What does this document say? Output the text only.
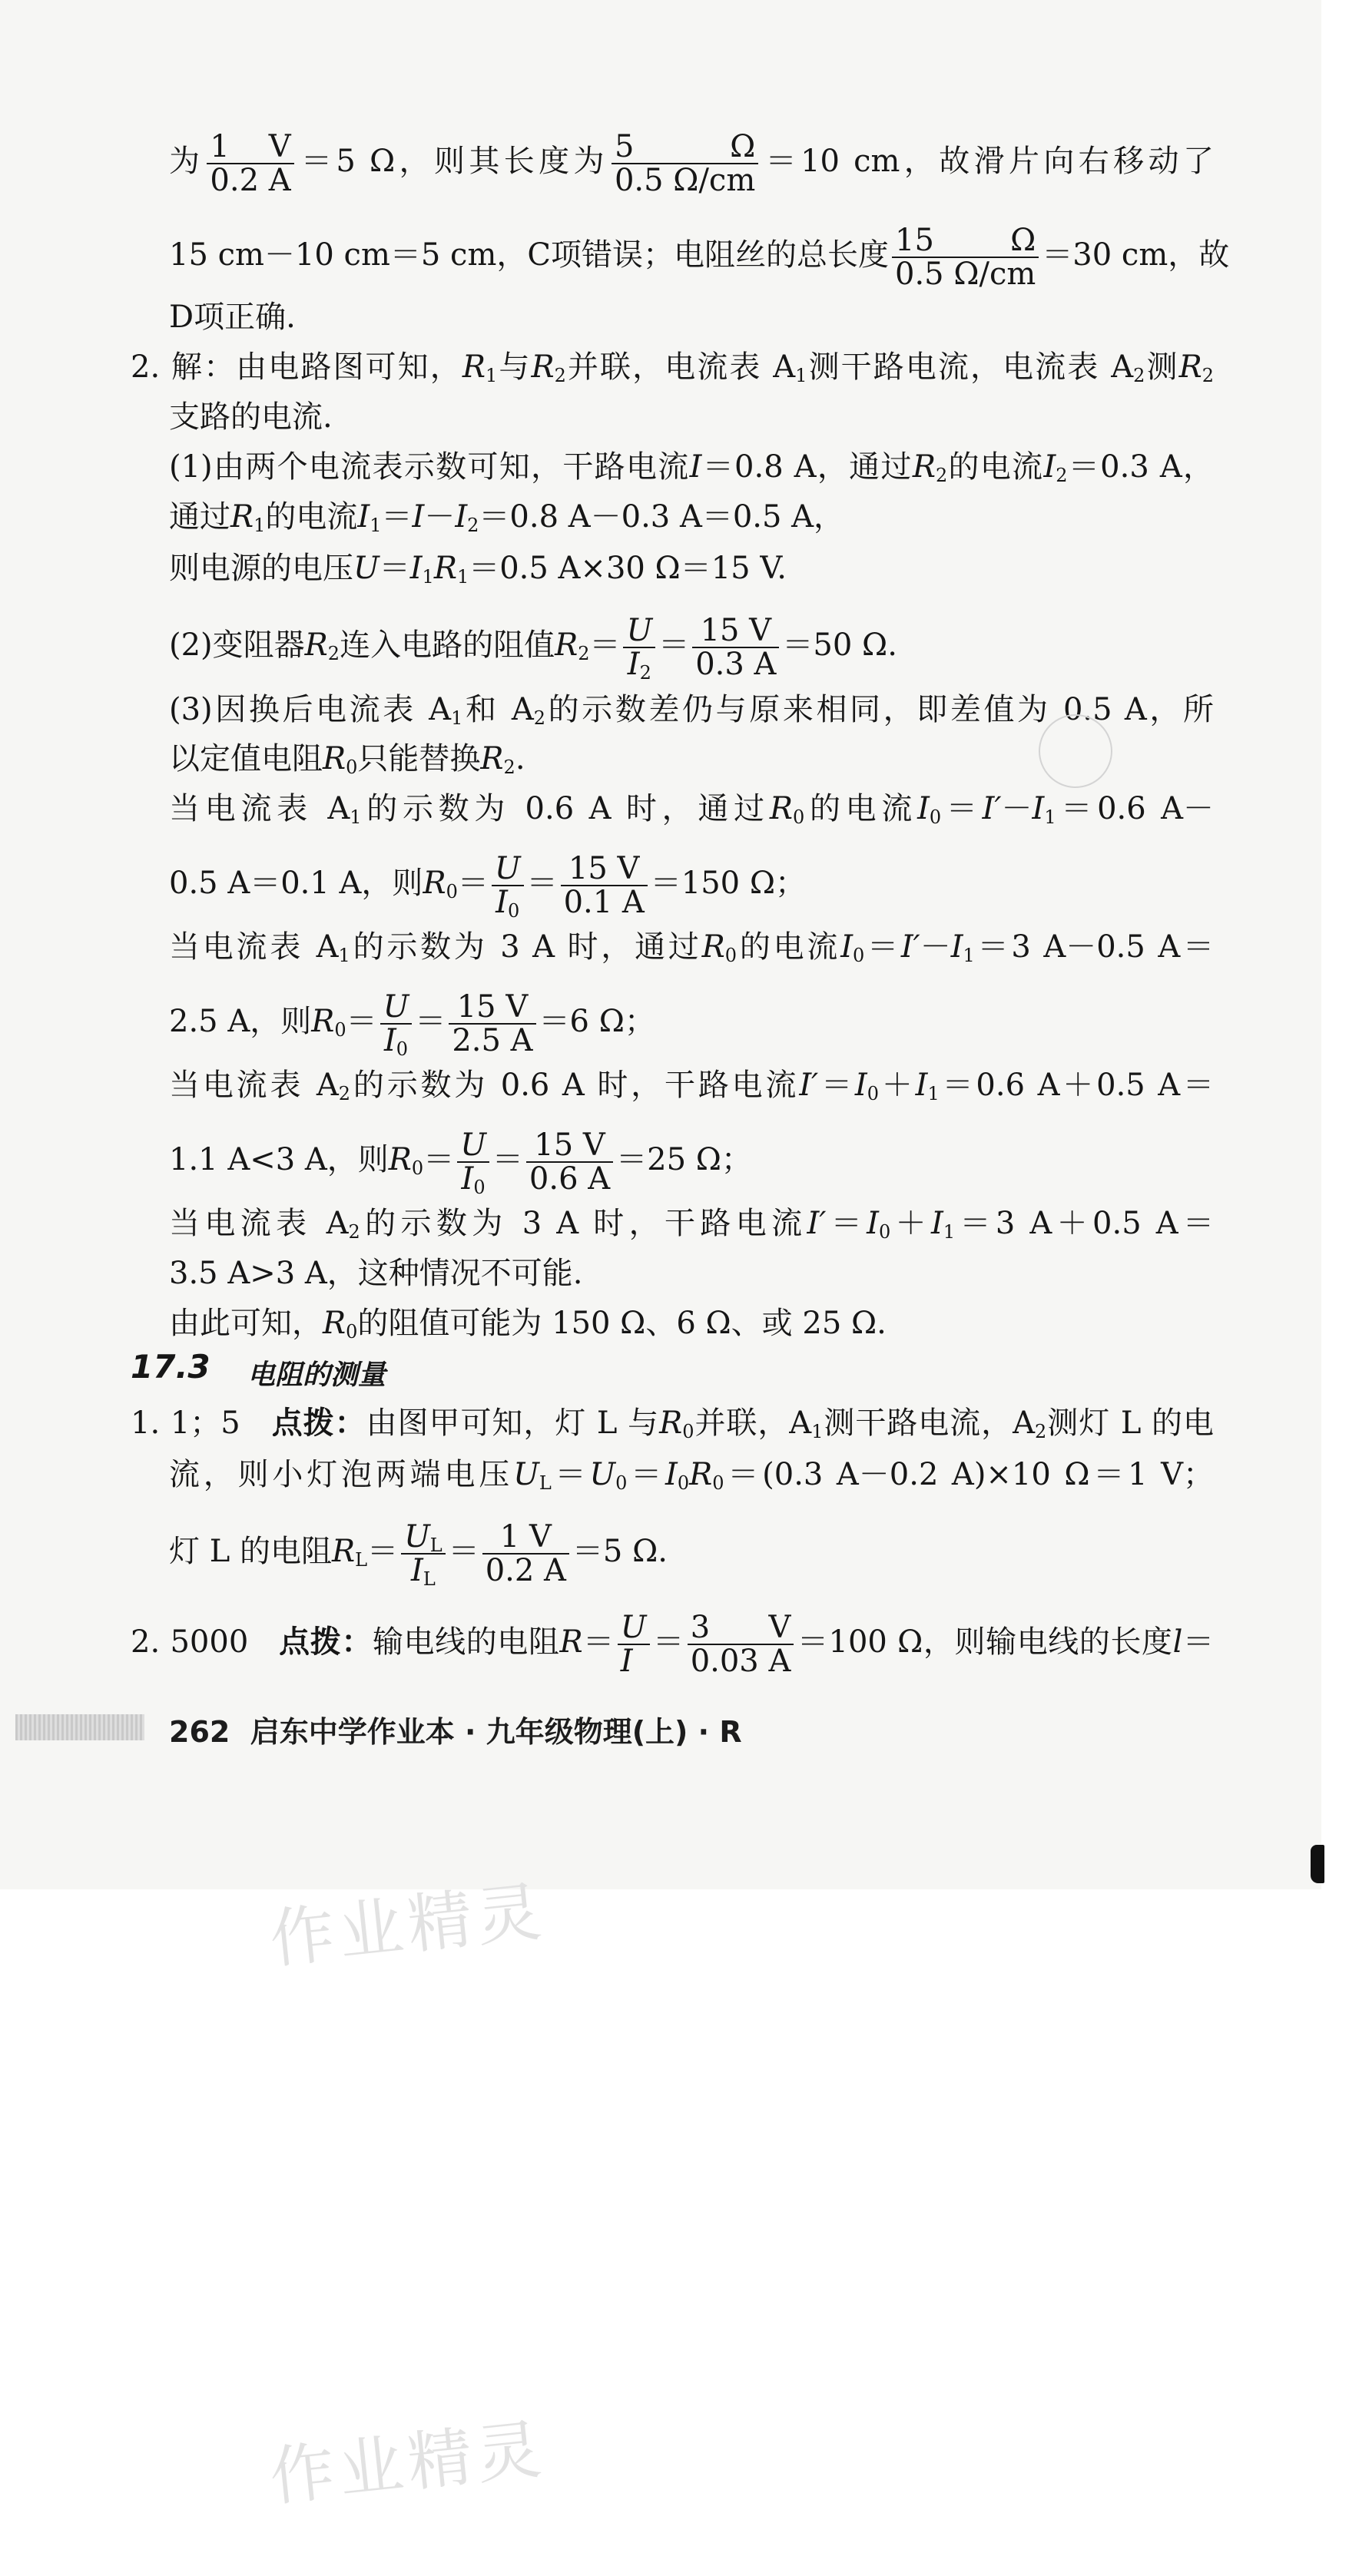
为 $\frac{1 V}{0.2 A} =5$ Ω，则其长度为 $\frac{5 \Omega}{0.5 \Omega/cm} =10$ cm，故滑片向右移动了
15 cm－10 cm＝5 cm，C项错误；电阻丝的总长度 $\frac{15 \Omega}{0.5 \Omega/cm} =30$ cm，故
D项正确.
2. 解：由电路图可知，$R_1$与$R_2$并联，电流表 $A_1$测干路电流，电流表 $A_2$测$R_2$
支路的电流.
(1)由两个电流表示数可知，干路电流I＝0.8 A，通过$R_2$的电流$I_2=0.3$ A，
通过$R_1$的电流$I_1=I-I_2=0.8$ A－0.3 A＝0.5 A，
则电源的电压$U=I_1R_1=0.5$ A×30 Ω＝15 V.
(2)变阻器$R_2$连入电路的阻值$R_2= \frac{U}{I_2} = \frac{15 V}{0.3 A} =50$ Ω.
(3)因换后电流表 $A_1$和 $A_2$的示数差仍与原来相同，即差值为 0.5 A，所
以定值电阻$R_0$只能替换$R_2$.
当电流表 $A_1$的示数为 0.6 A 时，通过$R_0$的电流$I_0=I'-I_1=0.6$ A－
0.5 A＝0.1 A，则$R_0= \frac{U}{I_0} = \frac{15 V}{0.1 A} =150$ Ω；
当电流表 $A_1$的示数为 3 A 时，通过$R_0$的电流$I_0=I'-I_1=3$ A－0.5 A＝
2.5 A，则$R_0= \frac{U}{I_0} = \frac{15 V}{2.5 A} =6$ Ω；
当电流表 $A_2$的示数为 0.6 A 时，干路电流$I'=I_0+I_1=0.6$ A＋0.5 A＝
1.1 A<3 A，则$R_0= \frac{U}{I_0} = \frac{15 V}{0.6 A} =25$ Ω；
当电流表 $A_2$的示数为 3 A 时，干路电流$I'=I_0+I_1=3$ A＋0.5 A＝
3.5 A>3 A，这种情况不可能.
由此可知，$R_0$的阻值可能为 150 Ω、6 Ω、或 25 Ω.
17.3 电阻的测量
1. 1；5 点拨：由图甲可知，灯 L 与$R_0$并联，$A_1$测干路电流，$A_2$测灯 L 的电
流，则小灯泡两端电压$U_L=U_0=I_0R_0=(0.3$ A－0.2 A)×10 Ω＝1 V；
灯 L 的电阻$R_L= \frac{U_L}{I_L} = \frac{1 V}{0.2 A} =5$ Ω.
2. 5000 点拨：输电线的电阻$R= \frac{U}{I} = \frac{3 V}{0.03 A} =100$ Ω，则输电线的长度l＝
262 启东中学作业本 · 九年级物理(上) · R
作业精灵
作业精灵
